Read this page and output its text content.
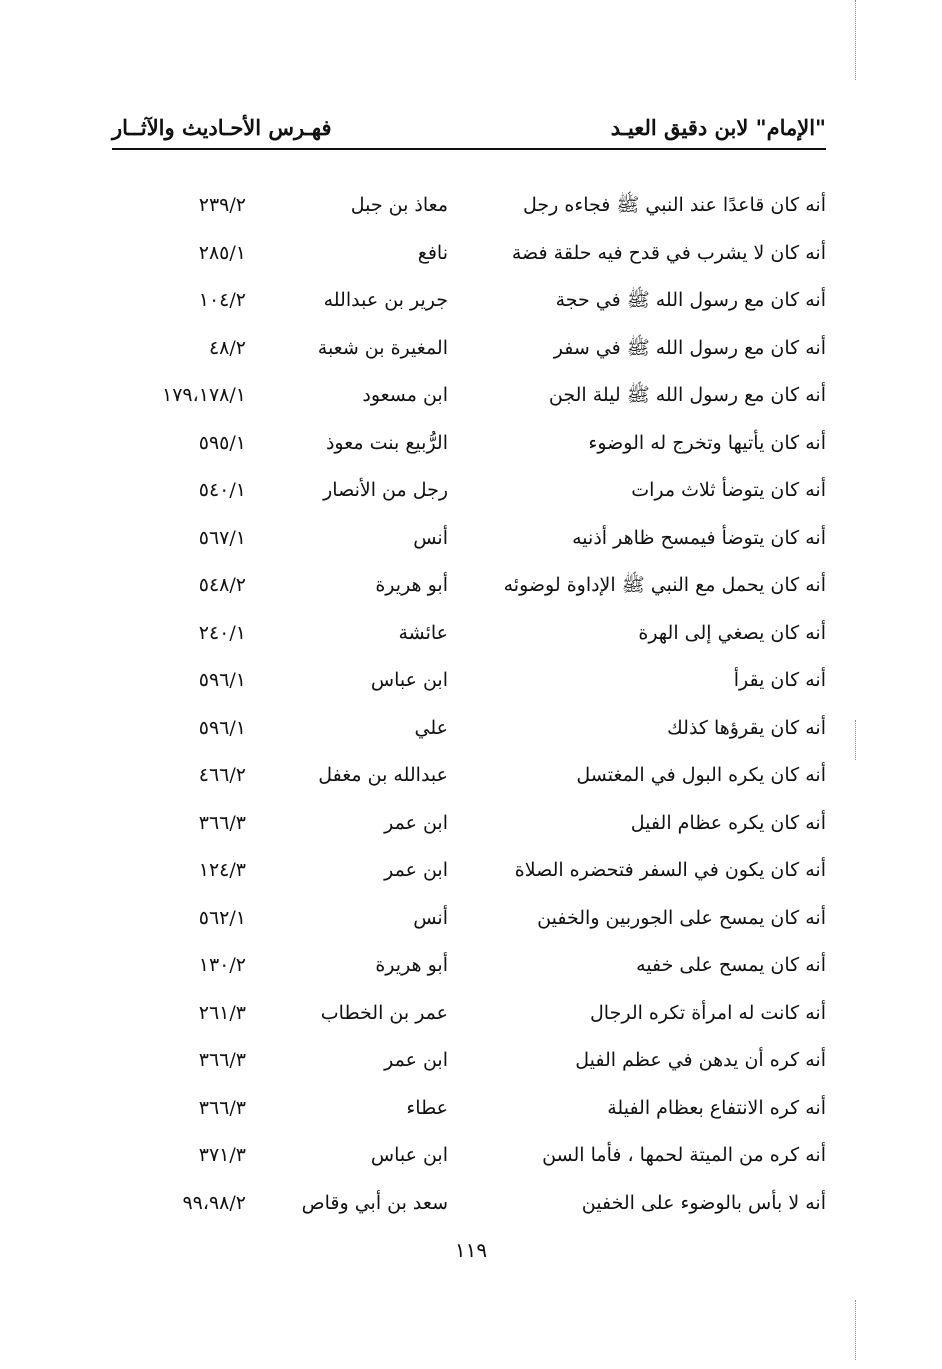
"الإمام" لابن دقيق العيـد
فهـرس الأحـاديث والآثــار
أنه كان قاعدًا عند النبي ﷺ فجاءه رجل
معاذ بن جبل
٢٣٩/٢
أنه كان لا يشرب في قدح فيه حلقة فضة
نافع
٢٨٥/١
أنه كان مع رسول الله ﷺ في حجة
جرير بن عبدالله
١٠٤/٢
أنه كان مع رسول الله ﷺ في سفر
المغيرة بن شعبة
٤٨/٢
أنه كان مع رسول الله ﷺ ليلة الجن
ابن مسعود
١٧٩،١٧٨/١
أنه كان يأتيها وتخرج له الوضوء
الرُّبيع بنت معوذ
٥٩٥/١
أنه كان يتوضأ ثلاث مرات
رجل من الأنصار
٥٤٠/١
أنه كان يتوضأ فيمسح ظاهر أذنيه
أنس
٥٦٧/١
أنه كان يحمل مع النبي ﷺ الإداوة لوضوئه
أبو هريرة
٥٤٨/٢
أنه كان يصغي إلى الهرة
عائشة
٢٤٠/١
أنه كان يقرأ
ابن عباس
٥٩٦/١
أنه كان يقرؤها كذلك
علي
٥٩٦/١
أنه كان يكره البول في المغتسل
عبدالله بن مغفل
٤٦٦/٢
أنه كان يكره عظام الفيل
ابن عمر
٣٦٦/٣
أنه كان يكون في السفر فتحضره الصلاة
ابن عمر
١٢٤/٣
أنه كان يمسح على الجوربين والخفين
أنس
٥٦٢/١
أنه كان يمسح على خفيه
أبو هريرة
١٣٠/٢
أنه كانت له امرأة تكره الرجال
عمر بن الخطاب
٢٦١/٣
أنه كره أن يدهن في عظم الفيل
ابن عمر
٣٦٦/٣
أنه كره الانتفاع بعظام الفيلة
عطاء
٣٦٦/٣
أنه كره من الميتة لحمها ، فأما السن
ابن عباس
٣٧١/٣
أنه لا بأس بالوضوء على الخفين
سعد بن أبي وقاص
٩٩،٩٨/٢
١١٩
